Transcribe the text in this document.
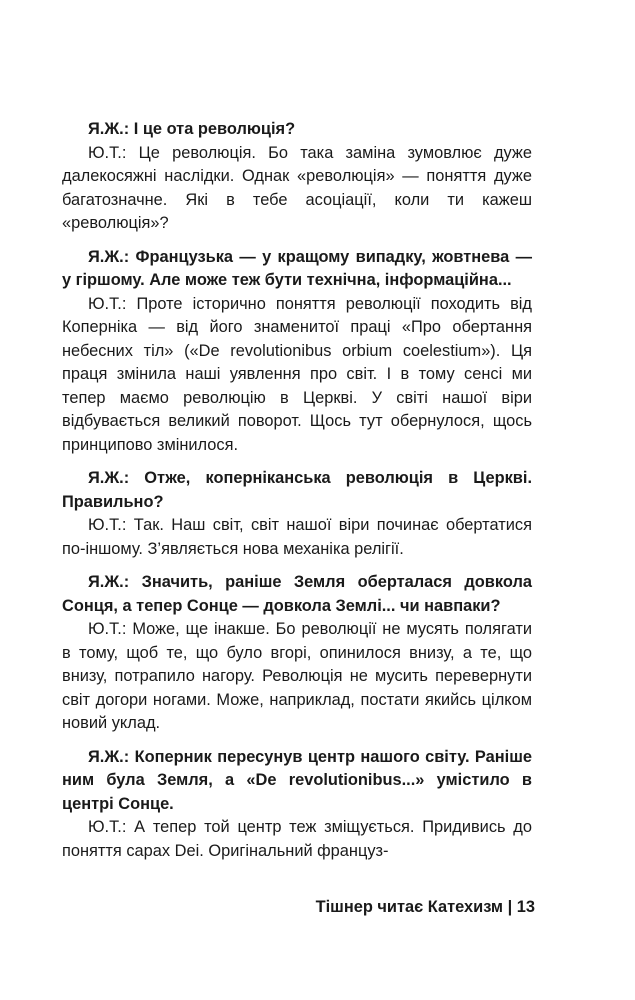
Я.Ж.: І це ота революція?

Ю.Т.: Це революція. Бо така заміна зумовлює дуже далекосяжні наслідки. Однак «революція» — поняття дуже багатозначне. Які в тебе асоціації, коли ти кажеш «революція»?

Я.Ж.: Французька — у кращому випадку, жовтнева — у гіршому. Але може теж бути технічна, інформаційна...

Ю.Т.: Проте історично поняття революції походить від Коперніка — від його знаменитої праці «Про обертання небесних тіл» («De revolutionibus orbium coelestium»). Ця праця змінила наші уявлення про світ. І в тому сенсі ми тепер маємо революцію в Церкві. У світі нашої віри відбувається великий поворот. Щось тут обернулося, щось принципово змінилося.

Я.Ж.: Отже, коперніканська революція в Церкві. Правильно?

Ю.Т.: Так. Наш світ, світ нашої віри починає обертатися по-іншому. З’являється нова механіка релігії.

Я.Ж.: Значить, раніше Земля оберталася довкола Сонця, а тепер Сонце — довкола Землі... чи навпаки?

Ю.Т.: Може, ще інакше. Бо революції не мусять полягати в тому, щоб те, що було вгорі, опинилося внизу, а те, що внизу, потрапило нагору. Революція не мусить перевернути світ догори ногами. Може, наприклад, постати якийсь цілком новий уклад.

Я.Ж.: Коперник пересунув центр нашого світу. Раніше ним була Земля, а «De revolutionibus...» умістило в центрі Сонце.

Ю.Т.: А тепер той центр теж зміщується. Придивись до поняття capax Dei. Оригінальний француз-

Тішнер читає Катехизм | 13
